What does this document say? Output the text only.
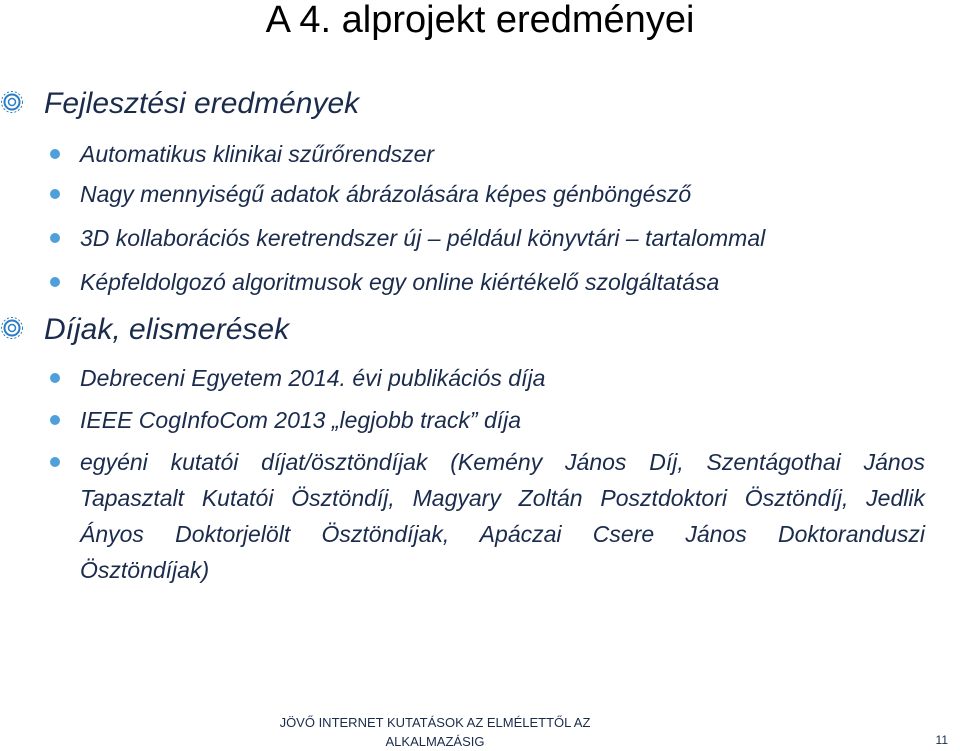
A 4. alprojekt eredményei
Fejlesztési eredmények
Automatikus klinikai szűrőrendszer
Nagy mennyiségű adatok ábrázolására képes génböngésző
3D kollaborációs keretrendszer új – például könyvtári – tartalommal
Képfeldolgozó algoritmusok egy online kiértékelő szolgáltatása
Díjak, elismerések
Debreceni Egyetem 2014. évi publikációs díja
IEEE CogInfoCom 2013 „legjobb track” díja
egyéni kutatói díjat/ösztöndíjak (Kemény János Díj, Szentágothai János Tapasztalt Kutatói Ösztöndíj, Magyary Zoltán Posztdoktori Ösztöndíj, Jedlik Ányos Doktorjelölt Ösztöndíjak, Apáczai Csere János Doktoranduszi Ösztöndíjak)
JÖVŐ INTERNET KUTATÁSOK AZ ELMÉLETTŐL AZ
ALKALMAZÁSIG	11
